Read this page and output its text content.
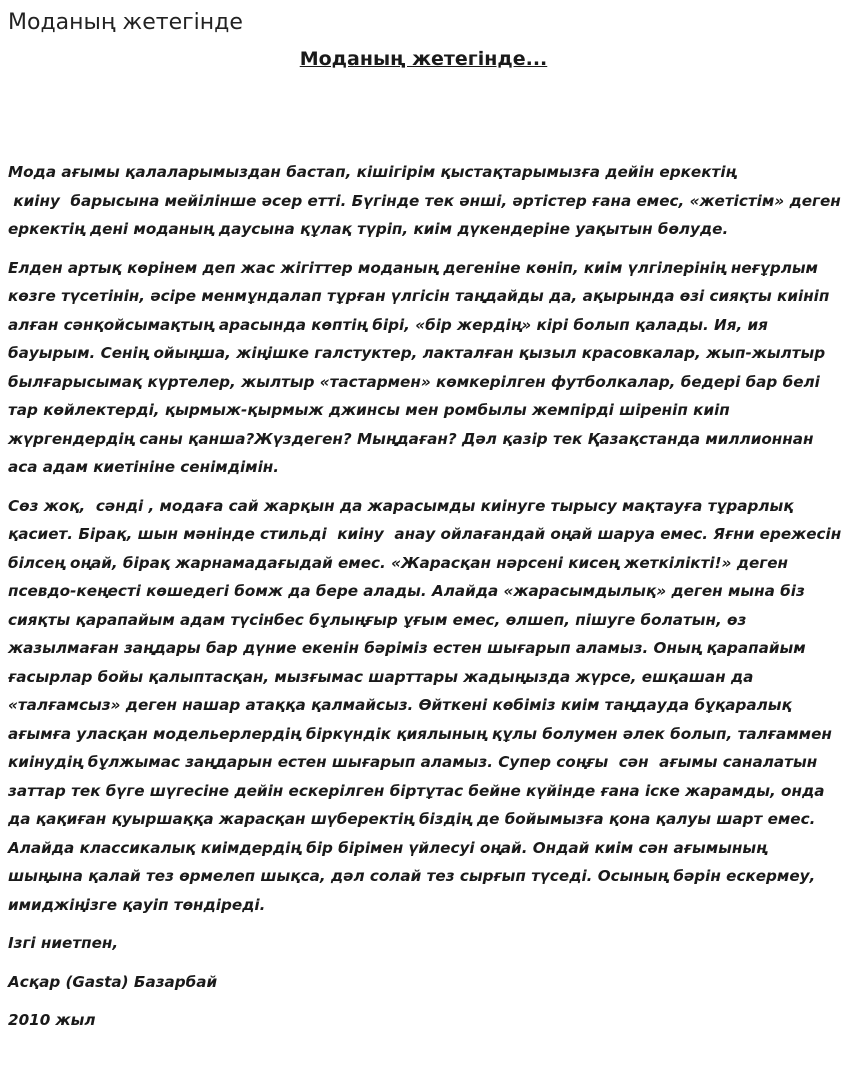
Моданың жетегінде
Моданың жетегінде...

Мода ағымы қалаларымыздан бастап, кішігірім қыстақтарымызға дейін еркектің
киіну  барысына мейілінше әсер етті. Бүгінде тек әнші, әртістер ғана емес, «жетістім» деген еркектің дені моданың даусына құлақ түріп, киім дүкендеріне уақытын бөлуде.

Елден артық көрінем деп жас жігіттер моданың дегеніне көніп, киім үлгілерінің неғұрлым көзге түсетінін, әсіре менмұндалап тұрған үлгісін таңдайды да, ақырында өзі сияқты киініп алған сәнқойсымақтың арасында көптің бірі, «бір жердің» кірі болып қалады. Ия, ия бауырым. Сенің ойыңша, жіңішке галстуктер, лакталған қызыл красовкалар, жып-жылтыр былғарысымақ күртелер, жылтыр «тастармен» көмкерілген футболкалар, бедері бар белі тар көйлектерді, қырмыж-қырмыж джинсы мен ромбылы жемпірді шіреніп киіп жүргендердің саны қанша?Жүздеген? Мыңдаған? Дәл қазір тек Қазақстанда миллионнан аса адам киетініне сенімдімін.

Сөз жоқ,  сәнді , модаға сай жарқын да жарасымды киінуге тырысу мақтауға тұрарлық қасиет. Бірақ, шын мәнінде стильді  киіну  анау ойлағандай оңай шаруа емес. Яғни ережесін білсең оңай, бірақ жарнамадағыдай емес. «Жарасқан нәрсені кисең жеткілікті!» деген псевдо-кеңесті көшедегі бомж да бере алады. Алайда «жарасымдылық» деген мына біз сияқты қарапайым адам түсінбес бұлыңғыр ұғым емес, өлшеп, пішуге болатын, өз жазылмаған заңдары бар дүние екенін бәріміз естен шығарып аламыз. Оның қарапайым ғасырлар бойы қалыптасқан, мызғымас шарттары жадыңызда жүрсе, ешқашан да «талғамсыз» деген нашар атаққа қалмайсыз. Өйткені көбіміз киім таңдауда бұқаралық ағымға уласқан модельерлердің біркүндік қиялының құлы болумен әлек болып, талғаммен киінудің бұлжымас заңдарын естен шығарып аламыз. Супер соңғы  сән  ағымы саналатын заттар тек бүге шүгесіне дейін ескерілген біртұтас бейне күйінде ғана іске жарамды, онда да қақиған қуыршаққа жарасқан шүберектің біздің де бойымызға қона қалуы шарт емес. Алайда классикалық киімдердің бір бірімен үйлесуі оңай. Ондай киім сән ағымының шыңына қалай тез өрмелеп шықса, дәл солай тез сырғып түседі. Осының бәрін ескермеу, имиджіңізге қауіп төндіреді.

Ізгі ниетпен,

Асқар (Gasta) Базарбай

2010 жыл
